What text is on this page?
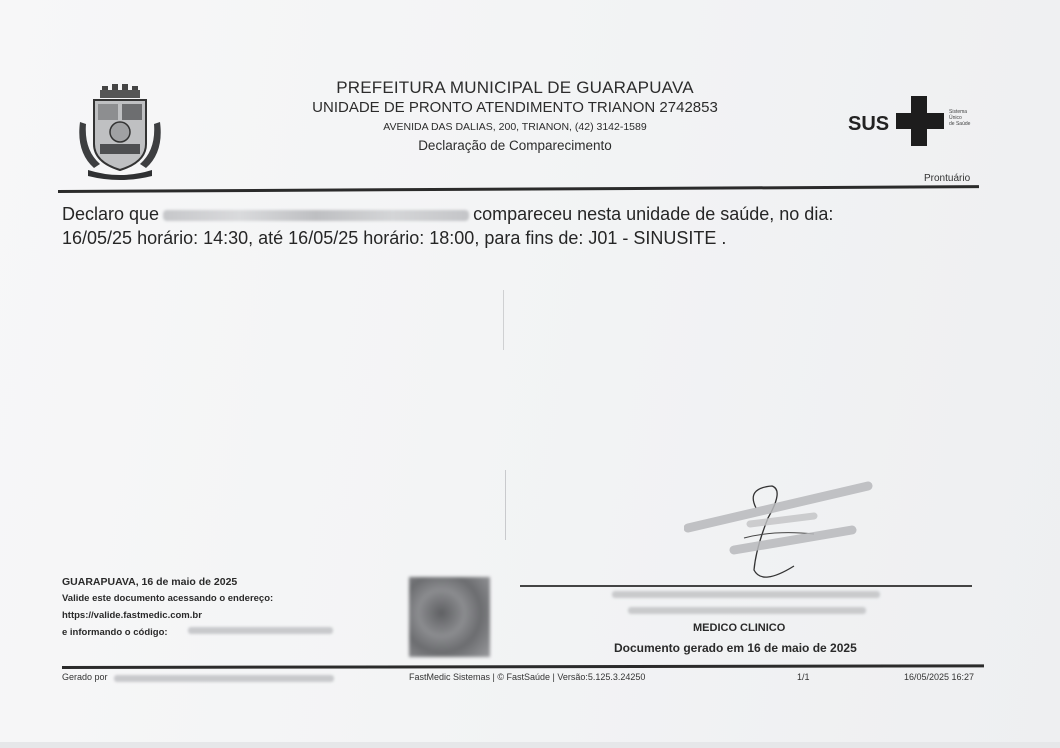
PREFEITURA MUNICIPAL DE GUARAPUAVA
UNIDADE DE PRONTO ATENDIMENTO TRIANON 2742853
AVENIDA DAS DALIAS, 200, TRIANON, (42) 3142-1589
Declaração de Comparecimento
SUS
Sistema
Único
de Saúde
Prontuário
Declaro que	compareceu nesta unidade de saúde, no dia:
16/05/25 horário: 14:30, até 16/05/25 horário: 18:00, para fins de: J01 - SINUSITE .
MEDICO CLINICO
Documento gerado em 16 de maio de 2025
GUARAPUAVA, 16 de maio de 2025
Valide este documento acessando o endereço:
https://valide.fastmedic.com.br
e informando o código:
Gerado por	FastMedic Sistemas | © FastSaúde | Versão:5.125.3.24250	1/1	16/05/2025 16:27
